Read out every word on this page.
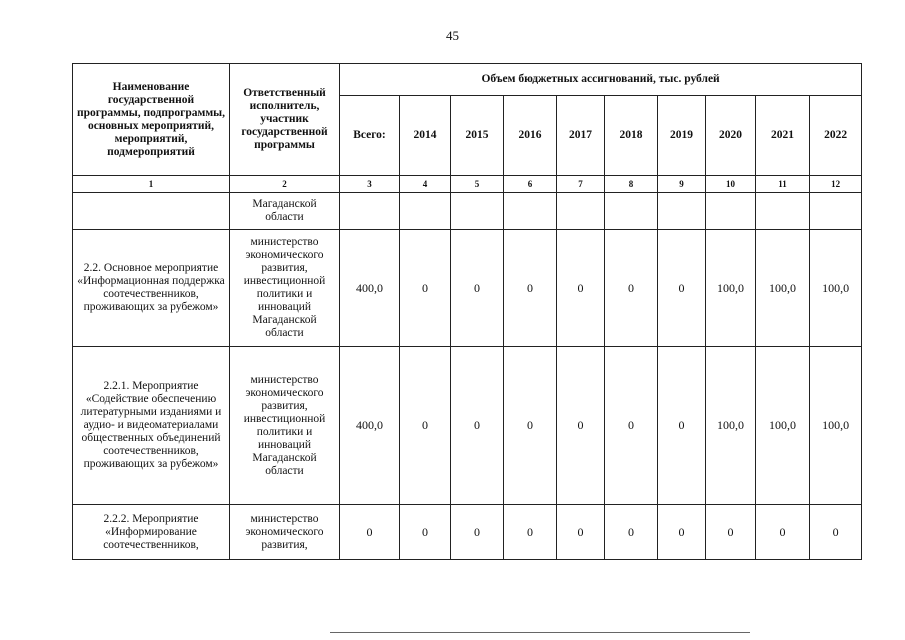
45
Наименование государственной программы, подпрограммы, основных мероприятий, мероприятий, подмероприятий	Ответственный исполнитель, участник государственной программы	Объем бюджетных ассигнований, тыс. рублей									
		Всего:	2014	2015	2016	2017	2018	2019	2020	2021	2022
1	2	3	4	5	6	7	8	9	10	11	12
	Магаданской области										
2.2. Основное мероприятие «Информационная поддержка соотечественников, проживающих за рубежом»	министерство экономического развития, инвестиционной политики и инноваций Магаданской области	400,0	0	0	0	0	0	0	100,0	100,0	100,0
2.2.1. Мероприятие «Содействие обеспечению литературными изданиями и аудио- и видеоматериалами общественных объединений соотечественников, проживающих за рубежом»	министерство экономического развития, инвестиционной политики и инноваций Магаданской области	400,0	0	0	0	0	0	0	100,0	100,0	100,0
2.2.2. Мероприятие «Информирование соотечественников,	министерство экономического развития,	0	0	0	0	0	0	0	0	0	0
